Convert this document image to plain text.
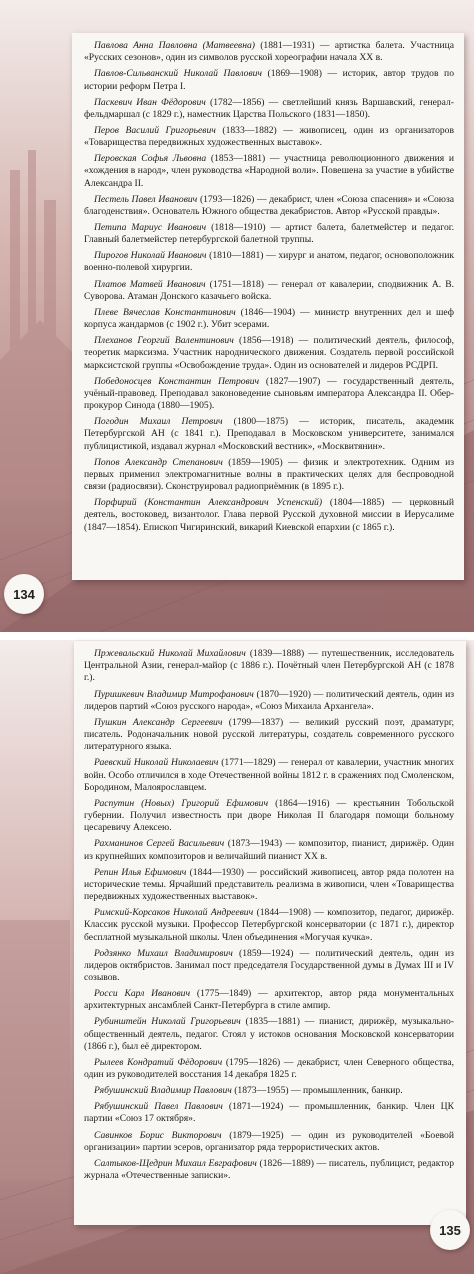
Павлова Анна Павловна (Матвеевна) (1881—1931) — артистка балета. Участница «Русских сезонов», один из символов русской хореографии начала XX в.
Павлов-Сильванский Николай Павлович (1869—1908) — историк, автор трудов по истории реформ Петра I.
Паскевич Иван Фёдорович (1782—1856) — светлейший князь Варшавский, генерал-фельдмаршал (с 1829 г.), наместник Царства Польского (1831—1850).
Перов Василий Григорьевич (1833—1882) — живописец, один из организаторов «Товарищества передвижных художественных выставок».
Перовская Софья Львовна (1853—1881) — участница революционного движения и «хождения в народ», член руководства «Народной воли». Повешена за участие в убийстве Александра II.
Пестель Павел Иванович (1793—1826) — декабрист, член «Союза спасения» и «Союза благоденствия». Основатель Южного общества декабристов. Автор «Русской правды».
Петипа Мариус Иванович (1818—1910) — артист балета, балетмейстер и педагог. Главный балетмейстер петербургской балетной труппы.
Пирогов Николай Иванович (1810—1881) — хирург и анатом, педагог, основоположник военно-полевой хирургии.
Платов Матвей Иванович (1751—1818) — генерал от кавалерии, сподвижник А. В. Суворова. Атаман Донского казачьего войска.
Плеве Вячеслав Константинович (1846—1904) — министр внутренних дел и шеф корпуса жандармов (с 1902 г.). Убит эсерами.
Плеханов Георгий Валентинович (1856—1918) — политический деятель, философ, теоретик марксизма. Участник народнического движения. Создатель первой российской марксистской группы «Освобождение труда». Один из основателей и лидеров РСДРП.
Победоносцев Константин Петрович (1827—1907) — государственный деятель, учёный-правовед. Преподавал законоведение сыновьям императора Александра II. Обер-прокурор Синода (1880—1905).
Погодин Михаил Петрович (1800—1875) — историк, писатель, академик Петербургской АН (с 1841 г.). Преподавал в Московском университете, занимался публицистикой, издавал журнал «Московский вестник», «Москвитянин».
Попов Александр Степанович (1859—1905) — физик и электротехник. Одним из первых применил электромагнитные волны в практических целях для беспроводной связи (радиосвязи). Сконструировал радиоприёмник (в 1895 г.).
Порфирий (Константин Александрович Успенский) (1804—1885) — церковный деятель, востоковед, византолог. Глава первой Русской духовной миссии в Иерусалиме (1847—1854). Епископ Чигиринский, викарий Киевской епархии (с 1865 г.).
Пржевальский Николай Михайлович (1839—1888) — путешественник, исследователь Центральной Азии, генерал-майор (с 1886 г.). Почётный член Петербургской АН (с 1878 г.).
Пуришкевич Владимир Митрофанович (1870—1920) — политический деятель, один из лидеров партий «Союз русского народа», «Союз Михаила Архангела».
Пушкин Александр Сергеевич (1799—1837) — великий русский поэт, драматург, писатель. Родоначальник новой русской литературы, создатель современного русского литературного языка.
Раевский Николай Николаевич (1771—1829) — генерал от кавалерии, участник многих войн. Особо отличился в ходе Отечественной войны 1812 г. в сражениях под Смоленском, Бородином, Малоярославцем.
Распутин (Новых) Григорий Ефимович (1864—1916) — крестьянин Тобольской губернии. Получил известность при дворе Николая II благодаря помощи больному цесаревичу Алексею.
Рахманинов Сергей Васильевич (1873—1943) — композитор, пианист, дирижёр. Один из крупнейших композиторов и величайший пианист XX в.
Репин Илья Ефимович (1844—1930) — российский живописец, автор ряда полотен на исторические темы. Ярчайший представитель реализма в живописи, член «Товарищества передвижных художественных выставок».
Римский-Корсаков Николай Андреевич (1844—1908) — композитор, педагог, дирижёр. Классик русской музыки. Профессор Петербургской консерватории (с 1871 г.), директор бесплатной музыкальной школы. Член объединения «Могучая кучка».
Родзянко Михаил Владимирович (1859—1924) — политический деятель, один из лидеров октябристов. Занимал пост председателя Государственной думы в Думах III и IV созывов.
Росси Карл Иванович (1775—1849) — архитектор, автор ряда монументальных архитектурных ансамблей Санкт-Петербурга в стиле ампир.
Рубинштейн Николай Григорьевич (1835—1881) — пианист, дирижёр, музыкально-общественный деятель, педагог. Стоял у истоков основания Московской консерватории (1866 г.), был её директором.
Рылеев Кондратий Фёдорович (1795—1826) — декабрист, член Северного общества, один из руководителей восстания 14 декабря 1825 г.
Рябушинский Владимир Павлович (1873—1955) — промышленник, банкир.
Рябушинский Павел Павлович (1871—1924) — промышленник, банкир. Член ЦК партии «Союз 17 октября».
Савинков Борис Викторович (1879—1925) — один из руководителей «Боевой организации» партии эсеров, организатор ряда террористических актов.
Салтыков-Щедрин Михаил Евграфович (1826—1889) — писатель, публицист, редактор журнала «Отечественные записки».
134
135
